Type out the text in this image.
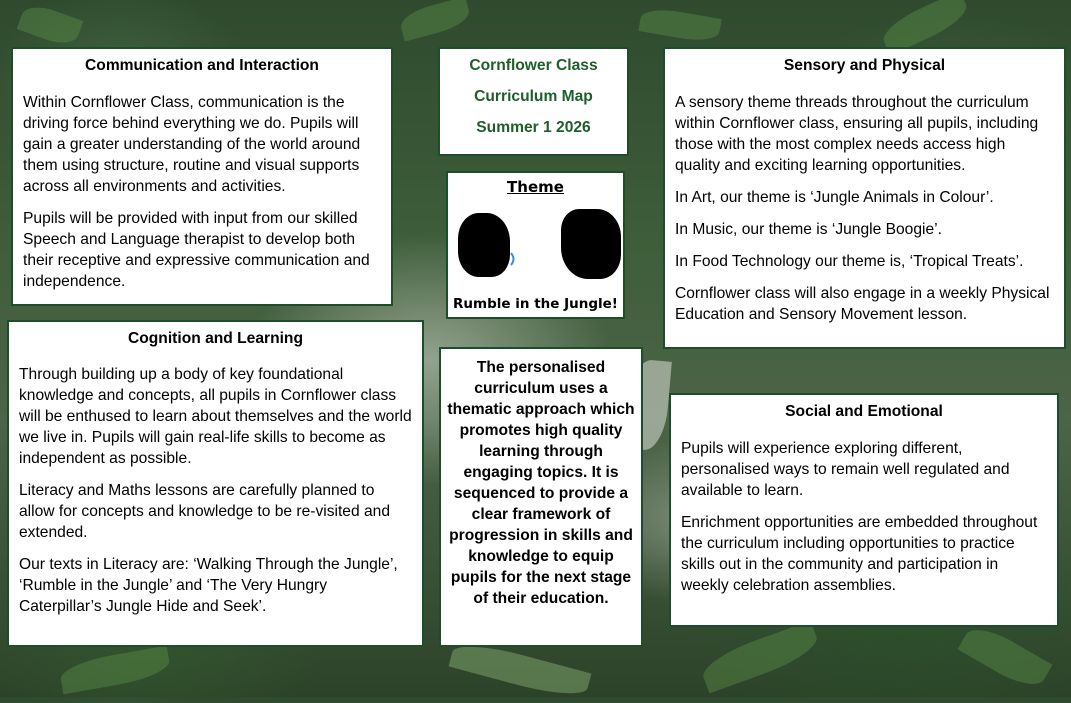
Communication and Interaction

Within Cornflower Class, communication is the driving force behind everything we do. Pupils will gain a greater understanding of the world around them using structure, routine and visual supports across all environments and activities.

Pupils will be provided with input from our skilled Speech and Language therapist to develop both their receptive and expressive communication and independence.

Cornflower Class
Curriculum Map
Summer 1 2026
Theme
Rumble in the Jungle!
Sensory and Physical

A sensory theme threads throughout the curriculum within Cornflower class, ensuring all pupils, including those with the most complex needs access high quality and exciting learning opportunities.

In Art, our theme is ‘Jungle Animals in Colour’.

In Music, our theme is ‘Jungle Boogie’.

In Food Technology our theme is, ‘Tropical Treats’.

Cornflower class will also engage in a weekly Physical Education and Sensory Movement lesson.

Cognition and Learning

Through building up a body of key foundational knowledge and concepts, all pupils in Cornflower class will be enthused to learn about themselves and the world we live in. Pupils will gain real-life skills to become as independent as possible.

Literacy and Maths lessons are carefully planned to allow for concepts and knowledge to be re-visited and extended.

Our texts in Literacy are: ‘Walking Through the Jungle’, ‘Rumble in the Jungle’ and ‘The Very Hungry Caterpillar’s Jungle Hide and Seek’.

The personalised curriculum uses a thematic approach which promotes high quality learning through engaging topics. It is sequenced to provide a clear framework of progression in skills and knowledge to equip pupils for the next stage of their education.
Social and Emotional

Pupils will experience exploring different, personalised ways to remain well regulated and available to learn.

Enrichment opportunities are embedded throughout the curriculum including opportunities to practice skills out in the community and participation in weekly celebration assemblies.
